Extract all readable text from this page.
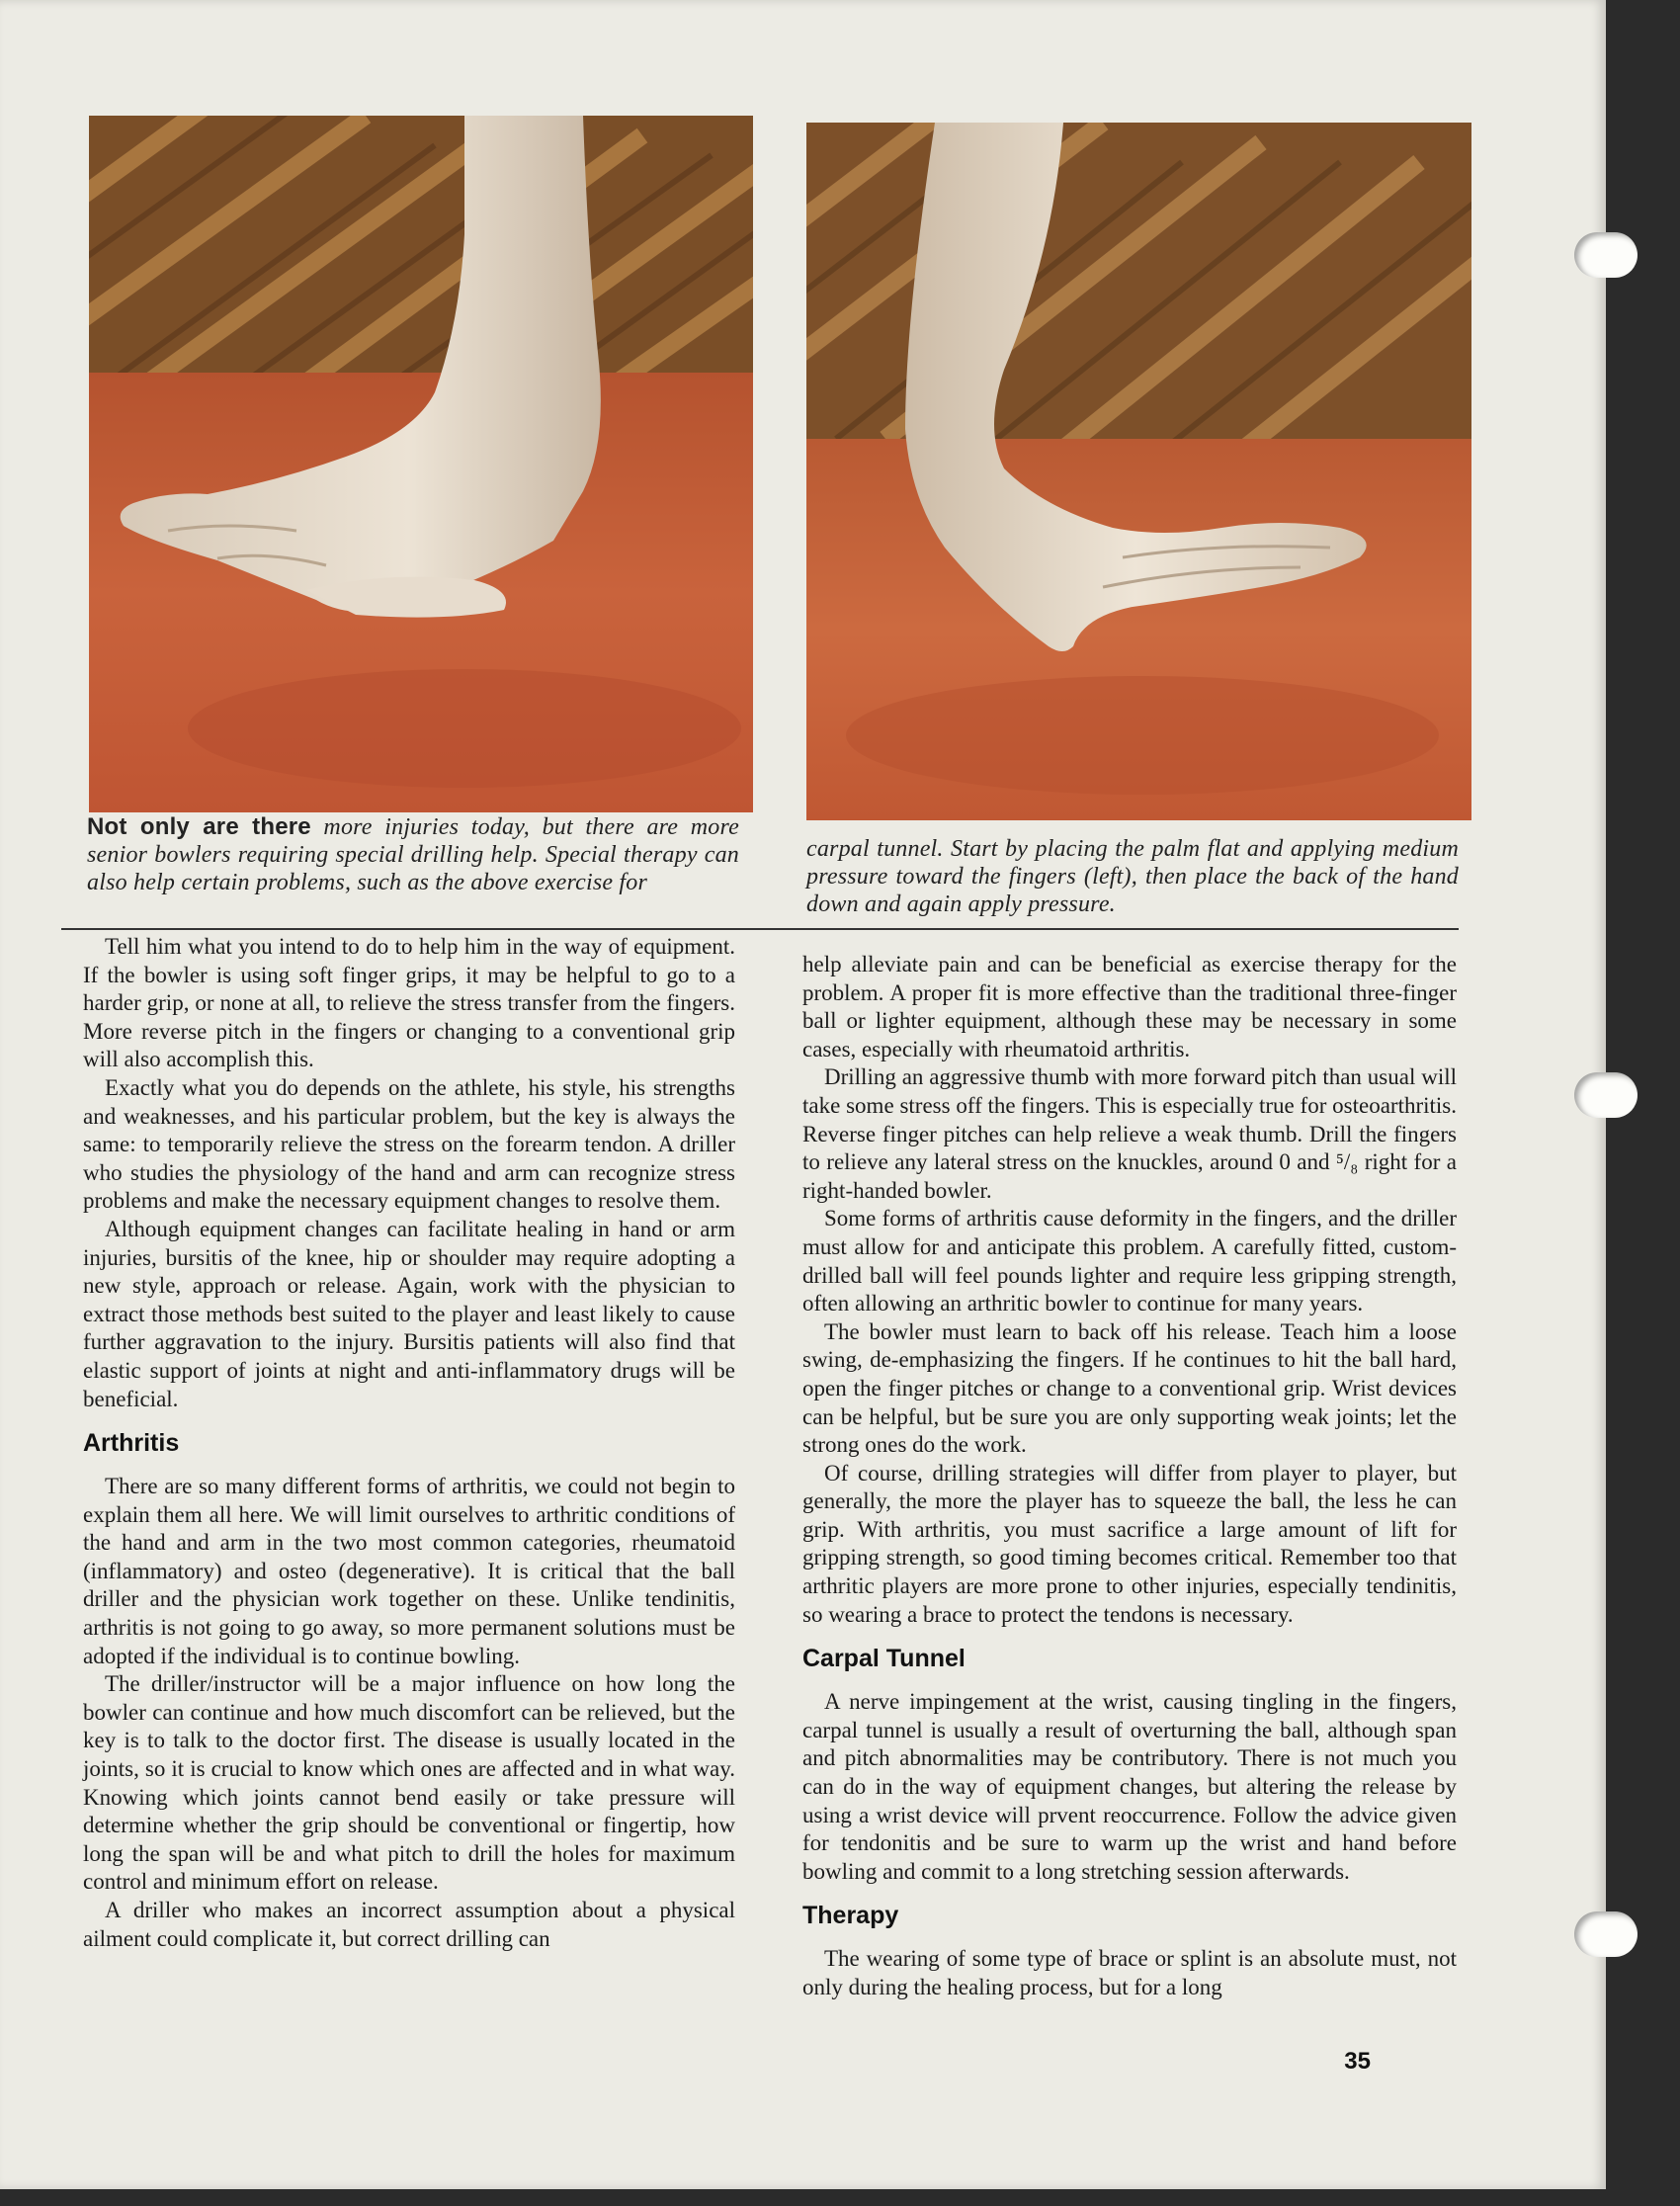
Not only are there more injuries today, but there are more senior bowlers requiring special drilling help. Special therapy can also help certain problems, such as the above exercise for
carpal tunnel. Start by placing the palm flat and applying medium pressure toward the fingers (left), then place the back of the hand down and again apply pressure.

Tell him what you intend to do to help him in the way of equipment. If the bowler is using soft finger grips, it may be helpful to go to a harder grip, or none at all, to relieve the stress transfer from the fingers. More reverse pitch in the fingers or changing to a conventional grip will also accomplish this.

Exactly what you do depends on the athlete, his style, his strengths and weaknesses, and his particular problem, but the key is always the same: to temporarily relieve the stress on the forearm tendon. A driller who studies the physiology of the hand and arm can recognize stress problems and make the necessary equipment changes to resolve them.

Although equipment changes can facilitate healing in hand or arm injuries, bursitis of the knee, hip or shoulder may require adopting a new style, approach or release. Again, work with the physician to extract those methods best suited to the player and least likely to cause further aggravation to the injury. Bursitis patients will also find that elastic support of joints at night and anti-inflammatory drugs will be beneficial.

Arthritis

There are so many different forms of arthritis, we could not begin to explain them all here. We will limit ourselves to arthritic conditions of the hand and arm in the two most common categories, rheumatoid (inflammatory) and osteo (degenerative). It is critical that the ball driller and the physician work together on these. Unlike tendinitis, arthritis is not going to go away, so more permanent solutions must be adopted if the individual is to continue bowling.

The driller/instructor will be a major influence on how long the bowler can continue and how much discomfort can be relieved, but the key is to talk to the doctor first. The disease is usually located in the joints, so it is crucial to know which ones are affected and in what way. Knowing which joints cannot bend easily or take pressure will determine whether the grip should be conventional or fingertip, how long the span will be and what pitch to drill the holes for maximum control and minimum effort on release.

A driller who makes an incorrect assumption about a physical ailment could complicate it, but correct drilling can

help alleviate pain and can be beneficial as exercise therapy for the problem. A proper fit is more effective than the traditional three-finger ball or lighter equipment, although these may be necessary in some cases, especially with rheumatoid arthritis.

Drilling an aggressive thumb with more forward pitch than usual will take some stress off the fingers. This is especially true for osteoarthritis. Reverse finger pitches can help relieve a weak thumb. Drill the fingers to relieve any lateral stress on the knuckles, around 0 and ⁵/₈ right for a right-handed bowler.

Some forms of arthritis cause deformity in the fingers, and the driller must allow for and anticipate this problem. A carefully fitted, custom-drilled ball will feel pounds lighter and require less gripping strength, often allowing an arthritic bowler to continue for many years.

The bowler must learn to back off his release. Teach him a loose swing, de-emphasizing the fingers. If he continues to hit the ball hard, open the finger pitches or change to a conventional grip. Wrist devices can be helpful, but be sure you are only supporting weak joints; let the strong ones do the work.

Of course, drilling strategies will differ from player to player, but generally, the more the player has to squeeze the ball, the less he can grip. With arthritis, you must sacrifice a large amount of lift for gripping strength, so good timing becomes critical. Remember too that arthritic players are more prone to other injuries, especially tendinitis, so wearing a brace to protect the tendons is necessary.

Carpal Tunnel

A nerve impingement at the wrist, causing tingling in the fingers, carpal tunnel is usually a result of overturning the ball, although span and pitch abnormalities may be contributory. There is not much you can do in the way of equipment changes, but altering the release by using a wrist device will prvent reoccurrence. Follow the advice given for tendonitis and be sure to warm up the wrist and hand before bowling and commit to a long stretching session afterwards.

Therapy

The wearing of some type of brace or splint is an absolute must, not only during the healing process, but for a long

35
